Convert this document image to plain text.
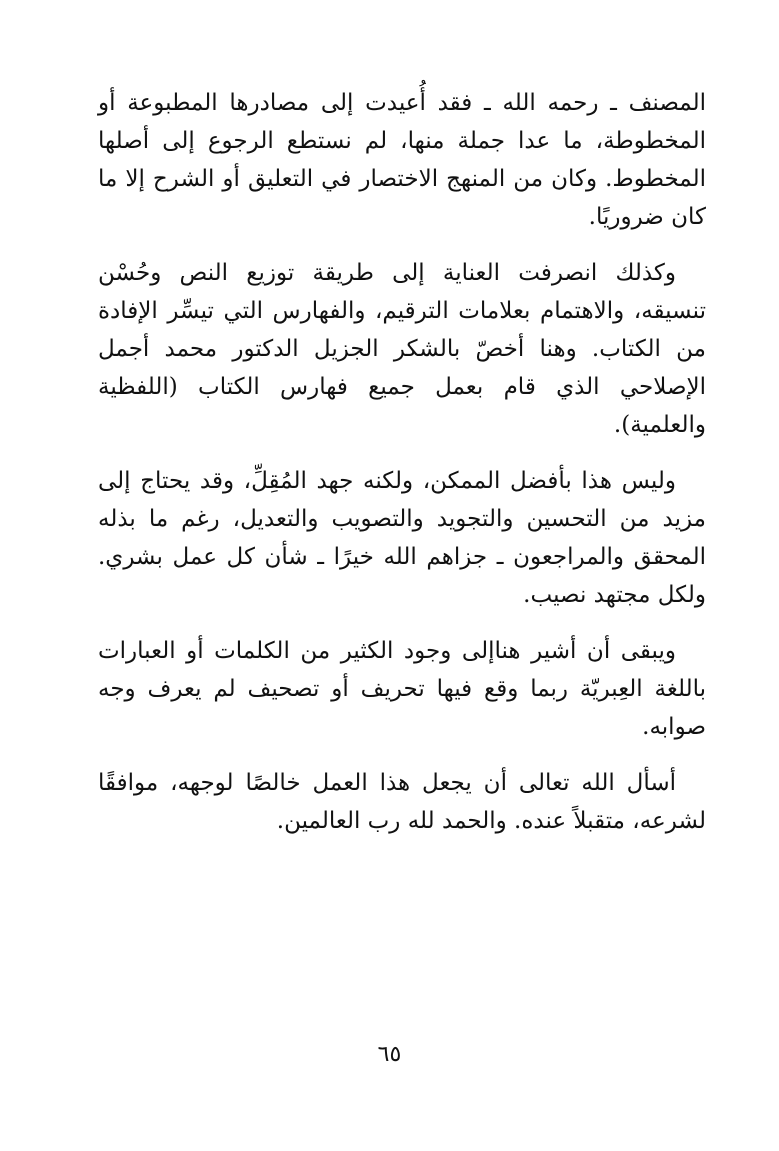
المصنف ـ رحمه الله ـ فقد أُعيدت إلى مصادرها المطبوعة أو المخطوطة، ما عدا جملة منها، لم نستطع الرجوع إلى أصلها المخطوط. وكان من المنهج الاختصار في التعليق أو الشرح إلا ما كان ضروريًا.

وكذلك انصرفت العناية إلى طريقة توزيع النص وحُسْن تنسيقه، والاهتمام بعلامات الترقيم، والفهارس التي تيسِّر الإفادة من الكتاب. وهنا أخصّ بالشكر الجزيل الدكتور محمد أجمل الإصلاحي الذي قام بعمل جميع فهارس الكتاب (اللفظية والعلمية).

وليس هذا بأفضل الممكن، ولكنه جهد المُقِلِّ، وقد يحتاج إلى مزيد من التحسين والتجويد والتصويب والتعديل، رغم ما بذله المحقق والمراجعون ـ جزاهم الله خيرًا ـ شأن كل عمل بشري. ولكل مجتهد نصيب.

ويبقى أن أشير هناإلى وجود الكثير من الكلمات أو العبارات باللغة العِبريّة ربما وقع فيها تحريف أو تصحيف لم يعرف وجه صوابه.

أسأل الله تعالى أن يجعل هذا العمل خالصًا لوجهه، موافقًا لشرعه، متقبلاً عنده. والحمد لله رب العالمين.

٦٥
